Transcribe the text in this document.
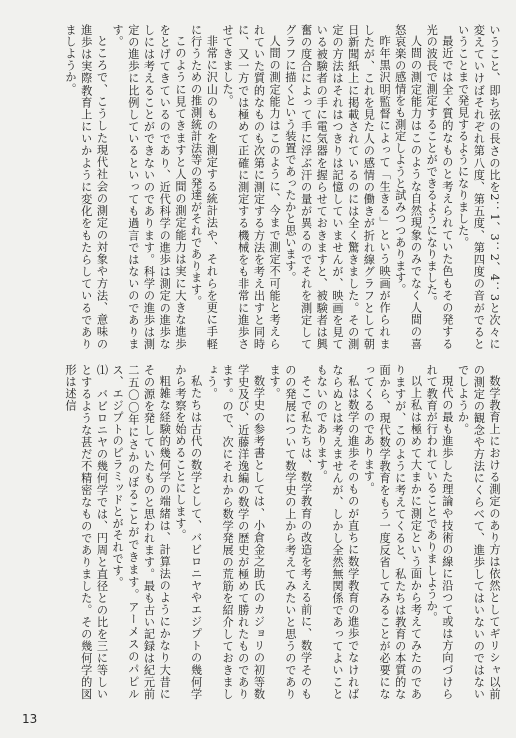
いうこと、即ち弦の長さの比を2：1、3：2、4：3と次々に変えていけばそれぞれ第八度、第五度、第四度の音がでるということまで発見するようになりました。

最近では全く質的なものと考えられていた色もその発する光の波長で測定することができるようになりました。

人間の測定能力はこのような自然現象のみでなく人間の喜怒哀楽の感情をも測定しようと試みつつあります。

昨年黒沢明監督によって「生きる」という映画が作られましたが、これを見た人の感情の働きが折れ線グラフとして朝日新聞紙上に掲載されているのには全く驚きました。その測定の方法はそれはつきりは記憶していませんが、映画を見ている被験者の手に電気器を握らせておきますと、被験者は興奮の度合によって手に浮ぶ汗の量が異るのでそれを測定してグラフに描くという装置であったかと思います。

人間の測定能力はこのように、今まで測定不可能と考えられていた質的なものも次第に測定する方法を考え出すと同時に、又一方では極めて正確に測定する機械をも非常に進歩させてきました。

非常に沢山のものを測定する統計法や、それらを更に手軽に行うための推測統計法等の発達がそれであります。

このように見てきますと人間の測定能力は実に大きな進歩をとげてきているのであり、近代科学の進歩は測定の進歩なしには考えることができないのであります。科学の進歩は測定の進歩に比例しているといっても過言ではないのであります。

ところで、こうした現代社会の測定の対象や方法、意味の進歩は実際教育上にいかように変化をもたらしているでありましようか。

数学教育上における測定のあり方は依然としてギリシャ以前の測定の観念や方法にくらべて、進歩してはいないのではないでしようか。

現代の最も進歩した理論や技術の線に沿つて或は方向づけられて教育が行われていることでありましようか。

以上私は極めて大まかに測定という面から考えてみたのでありますが、このように考えてくると、私たちは教育の本質的な面から、現代数学教育をもう一度反省してみることが必要になってくるのであります。

私は数学の進歩そのものが直ちに数学教育の進歩でなければならぬとは考えませんが、しかし全然無関係であってよいこともないのであります。

そこで私たちは、数学教育の改造を考える前に、数学そのものの発展について数学史の上から考えてみたいと思うのであります。

数学史の参考書としては、小倉金之助氏のカジョリの初等数学史及び、近藤洋逸編の数学の歴史が極めて勝れたものであります。ので、次にそれから数学発展の荒筋を紹介しておきましょう。

私たちは古代の数学として、バビロニヤやエジプトの幾何学から考察を始めることにします。

粗雑な経験的幾何学の端緒は、計算法のようにかなり大昔にその源を発していたものと思われます。最も古い記録は紀元前二五〇〇年にさかのぼることができます。アーメスのパピルス、エジプトのピラミッドとがそれです。

⑴　バビロニヤの幾何学では、円周と直径との比を三に等しいとするような甚だ不精密なものでありました。その幾何学的図形は述信

13
